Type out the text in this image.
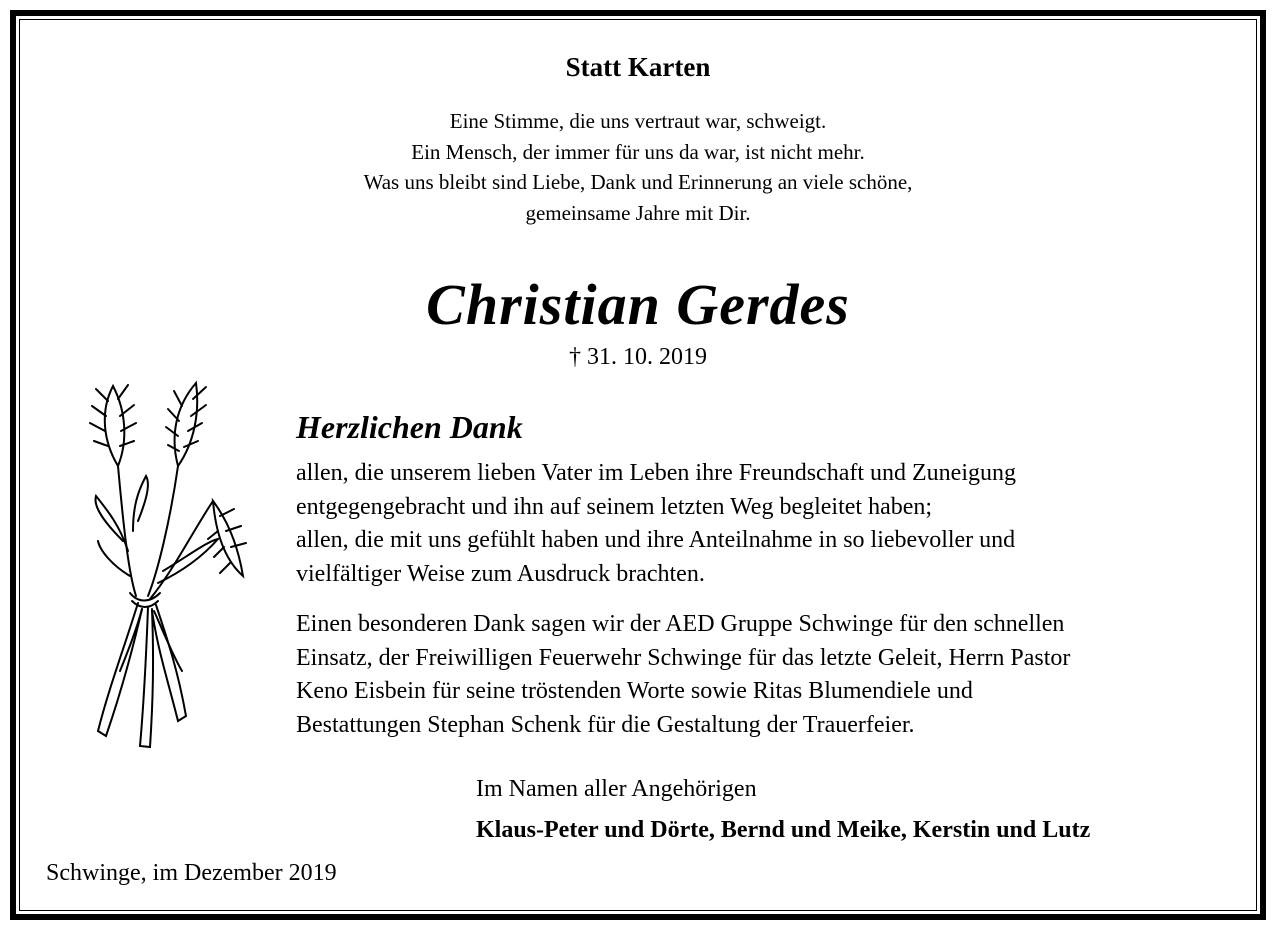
Statt Karten
Eine Stimme, die uns vertraut war, schweigt.
Ein Mensch, der immer für uns da war, ist nicht mehr.
Was uns bleibt sind Liebe, Dank und Erinnerung an viele schöne,
gemeinsame Jahre mit Dir.
Christian Gerdes
† 31. 10. 2019
Herzlichen Dank
allen, die unserem lieben Vater im Leben ihre Freundschaft und Zuneigung
entgegengebracht und ihn auf seinem letzten Weg begleitet haben;
allen, die mit uns gefühlt haben und ihre Anteilnahme in so liebevoller und
vielfältiger Weise zum Ausdruck brachten.
Einen besonderen Dank sagen wir der AED Gruppe Schwinge für den schnellen
Einsatz, der Freiwilligen Feuerwehr Schwinge für das letzte Geleit, Herrn Pastor
Keno Eisbein für seine tröstenden Worte sowie Ritas Blumendiele und
Bestattungen Stephan Schenk für die Gestaltung der Trauerfeier.
Im Namen aller Angehörigen
Klaus-Peter und Dörte, Bernd und Meike, Kerstin und Lutz
Schwinge, im Dezember 2019
